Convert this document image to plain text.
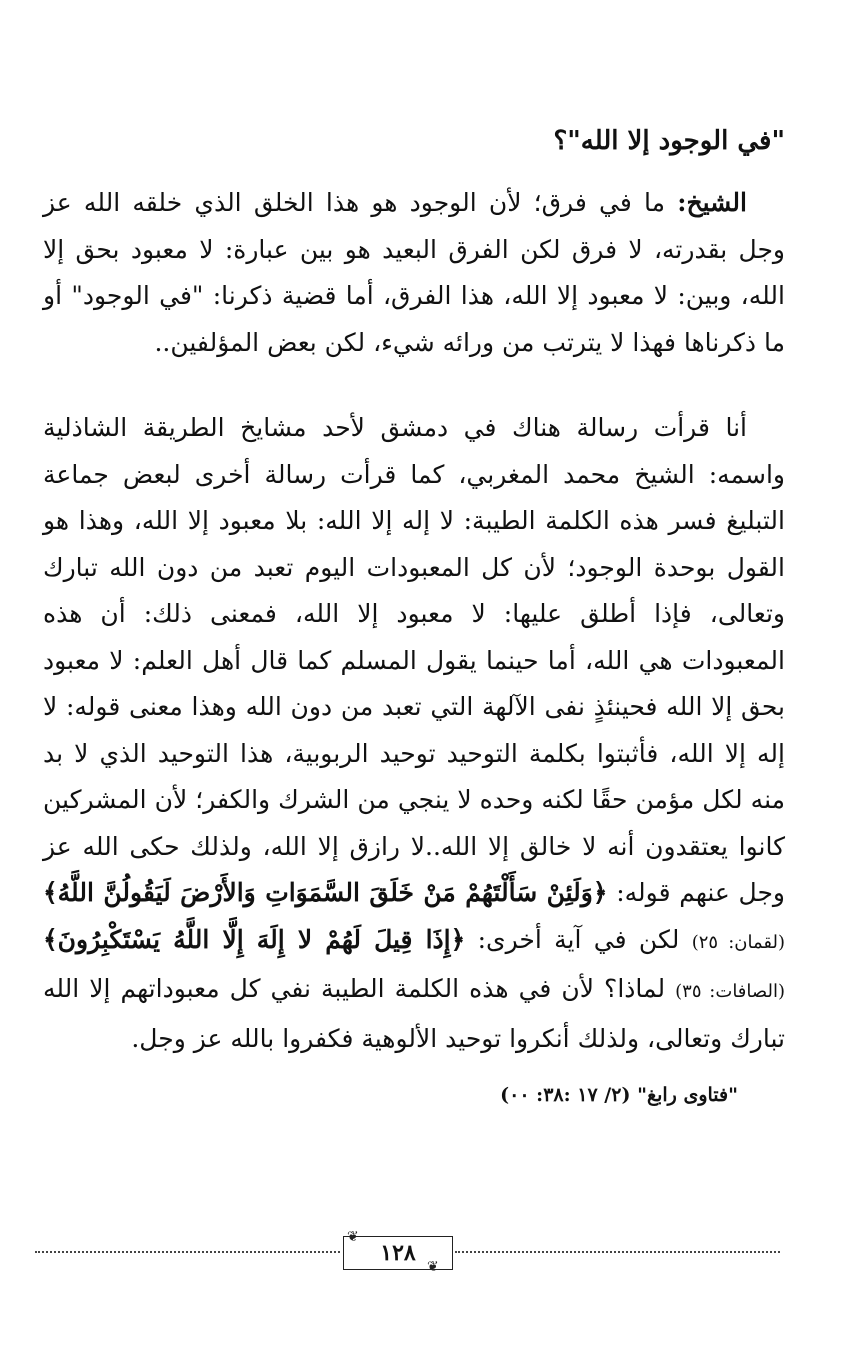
"في الوجود إلا الله"؟

الشيخ: ما في فرق؛ لأن الوجود هو هذا الخلق الذي خلقه الله عز وجل بقدرته، لا فرق لكن الفرق البعيد هو بين عبارة: لا معبود بحق إلا الله، وبين: لا معبود إلا الله، هذا الفرق، أما قضية ذكرنا: "في الوجود" أو ما ذكرناها فهذا لا يترتب من ورائه شيء، لكن بعض المؤلفين..

أنا قرأت رسالة هناك في دمشق لأحد مشايخ الطريقة الشاذلية واسمه: الشيخ محمد المغربي، كما قرأت رسالة أخرى لبعض جماعة التبليغ فسر هذه الكلمة الطيبة: لا إله إلا الله: بلا معبود إلا الله، وهذا هو القول بوحدة الوجود؛ لأن كل المعبودات اليوم تعبد من دون الله تبارك وتعالى، فإذا أطلق عليها: لا معبود إلا الله، فمعنى ذلك: أن هذه المعبودات هي الله، أما حينما يقول المسلم كما قال أهل العلم: لا معبود بحق إلا الله فحينئذٍ نفى الآلهة التي تعبد من دون الله وهذا معنى قوله: لا إله إلا الله، فأثبتوا بكلمة التوحيد توحيد الربوبية، هذا التوحيد الذي لا بد منه لكل مؤمن حقًا لكنه وحده لا ينجي من الشرك والكفر؛ لأن المشركين كانوا يعتقدون أنه لا خالق إلا الله..لا رازق إلا الله، ولذلك حكى الله عز وجل عنهم قوله: ﴿وَلَئِنْ سَأَلْتَهُمْ مَنْ خَلَقَ السَّمَوَاتِ وَالأَرْضَ لَيَقُولُنَّ اللَّهُ﴾(لقمان: ٢٥) لكن في آية أخرى: ﴿إِذَا قِيلَ لَهُمْ لا إِلَهَ إِلَّا اللَّهُ يَسْتَكْبِرُونَ﴾(الصافات: ٣٥) لماذا؟ لأن في هذه الكلمة الطيبة نفي كل معبوداتهم إلا الله تبارك وتعالى، ولذلك أنكروا توحيد الألوهية فكفروا بالله عز وجل.

"فتاوى رابغ" (٢/ ١٧ :٣٨: ٠٠)
١٢٨
❦
❦
